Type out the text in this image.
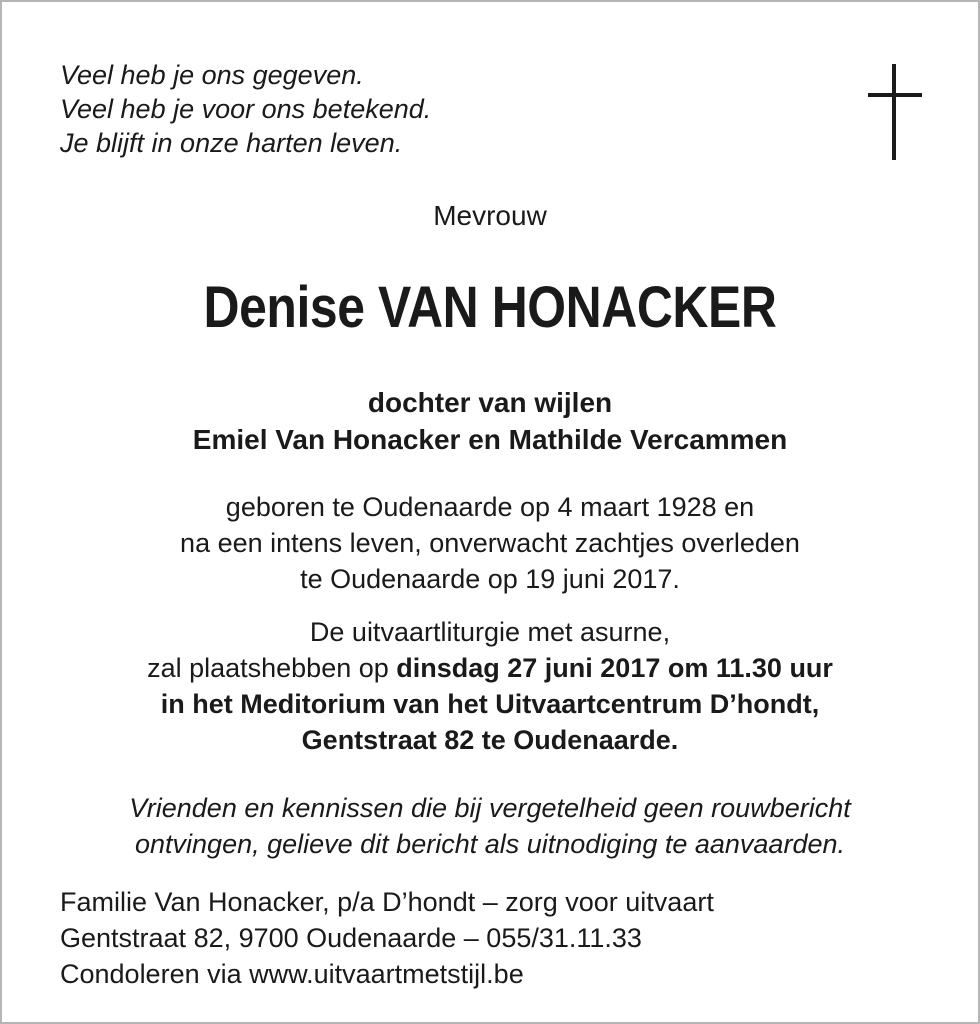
Veel heb je ons gegeven.
Veel heb je voor ons betekend.
Je blijft in onze harten leven.
Mevrouw
Denise VAN HONACKER
dochter van wijlen
Emiel Van Honacker en Mathilde Vercammen
geboren te Oudenaarde op 4 maart 1928 en
na een intens leven, onverwacht zachtjes overleden
te Oudenaarde op 19 juni 2017.
De uitvaartliturgie met asurne,
zal plaatshebben op dinsdag 27 juni 2017 om 11.30 uur
in het Meditorium van het Uitvaartcentrum D’hondt,
Gentstraat 82 te Oudenaarde.
Vrienden en kennissen die bij vergetelheid geen rouwbericht
ontvingen, gelieve dit bericht als uitnodiging te aanvaarden.
Familie Van Honacker, p/a D’hondt – zorg voor uitvaart
Gentstraat 82, 9700 Oudenaarde – 055/31.11.33
Condoleren via www.uitvaartmetstijl.be
